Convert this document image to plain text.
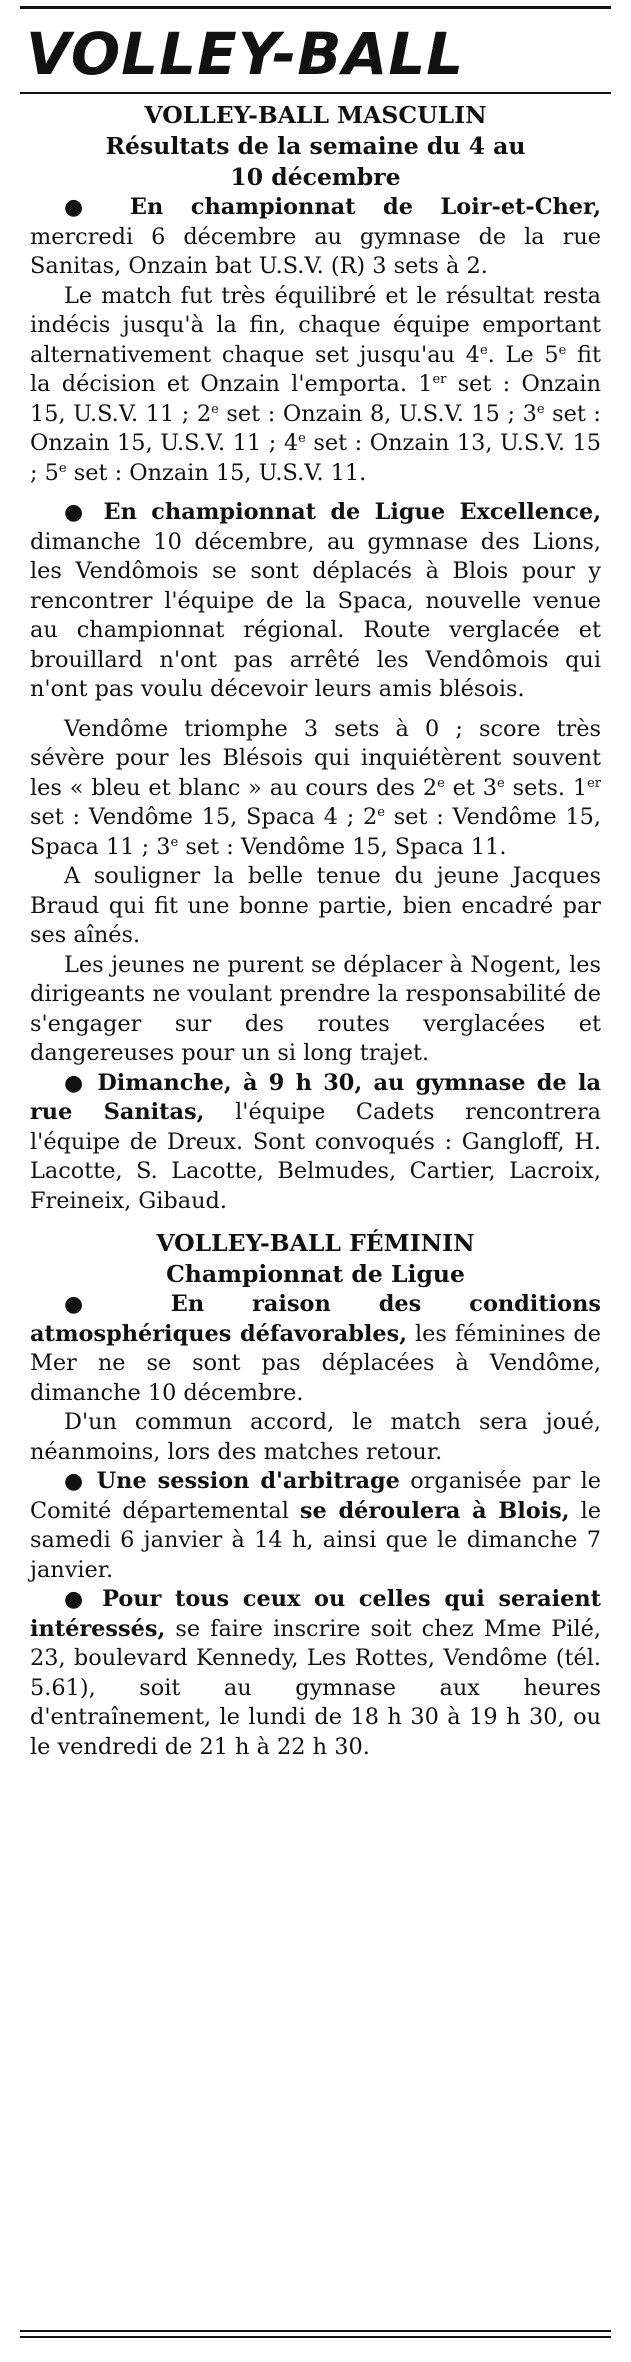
VOLLEY-BALL
VOLLEY-BALL MASCULIN
Résultats de la semaine du 4 au 10 décembre

● En championnat de Loir-et-Cher, mercredi 6 décembre au gymnase de la rue Sanitas, Onzain bat U.S.V. (R) 3 sets à 2.

Le match fut très équilibré et le résultat resta indécis jusqu'à la fin, chaque équipe emportant alternativement chaque set jusqu'au 4e. Le 5e fit la décision et Onzain l'emporta. 1er set : Onzain 15, U.S.V. 11 ; 2e set : Onzain 8, U.S.V. 15 ; 3e set : Onzain 15, U.S.V. 11 ; 4e set : Onzain 13, U.S.V. 15 ; 5e set : Onzain 15, U.S.V. 11.

● En championnat de Ligue Excellence, dimanche 10 décembre, au gymnase des Lions, les Vendômois se sont déplacés à Blois pour y rencontrer l'équipe de la Spaca, nouvelle venue au championnat régional. Route verglacée et brouillard n'ont pas arrêté les Vendômois qui n'ont pas voulu décevoir leurs amis blésois.

Vendôme triomphe 3 sets à 0 ; score très sévère pour les Blésois qui inquiétèrent souvent les « bleu et blanc » au cours des 2e et 3e sets. 1er set : Vendôme 15, Spaca 4 ; 2e set : Vendôme 15, Spaca 11 ; 3e set : Vendôme 15, Spaca 11.

A souligner la belle tenue du jeune Jacques Braud qui fit une bonne partie, bien encadré par ses aînés.

Les jeunes ne purent se déplacer à Nogent, les dirigeants ne voulant prendre la responsabilité de s'engager sur des routes verglacées et dangereuses pour un si long trajet.

● Dimanche, à 9 h 30, au gymnase de la rue Sanitas, l'équipe Cadets rencontrera l'équipe de Dreux. Sont convoqués : Gangloff, H. Lacotte, S. Lacotte, Belmudes, Cartier, Lacroix, Freineix, Gibaud.

VOLLEY-BALL FÉMININ
Championnat de Ligue

● En raison des conditions atmosphériques défavorables, les féminines de Mer ne se sont pas déplacées à Vendôme, dimanche 10 décembre.

D'un commun accord, le match sera joué, néanmoins, lors des matches retour.

● Une session d'arbitrage organisée par le Comité départemental se déroulera à Blois, le samedi 6 janvier à 14 h, ainsi que le dimanche 7 janvier.

● Pour tous ceux ou celles qui seraient intéressés, se faire inscrire soit chez Mme Pilé, 23, boulevard Kennedy, Les Rottes, Vendôme (tél. 5.61), soit au gymnase aux heures d'entraînement, le lundi de 18 h 30 à 19 h 30, ou le vendredi de 21 h à 22 h 30.
